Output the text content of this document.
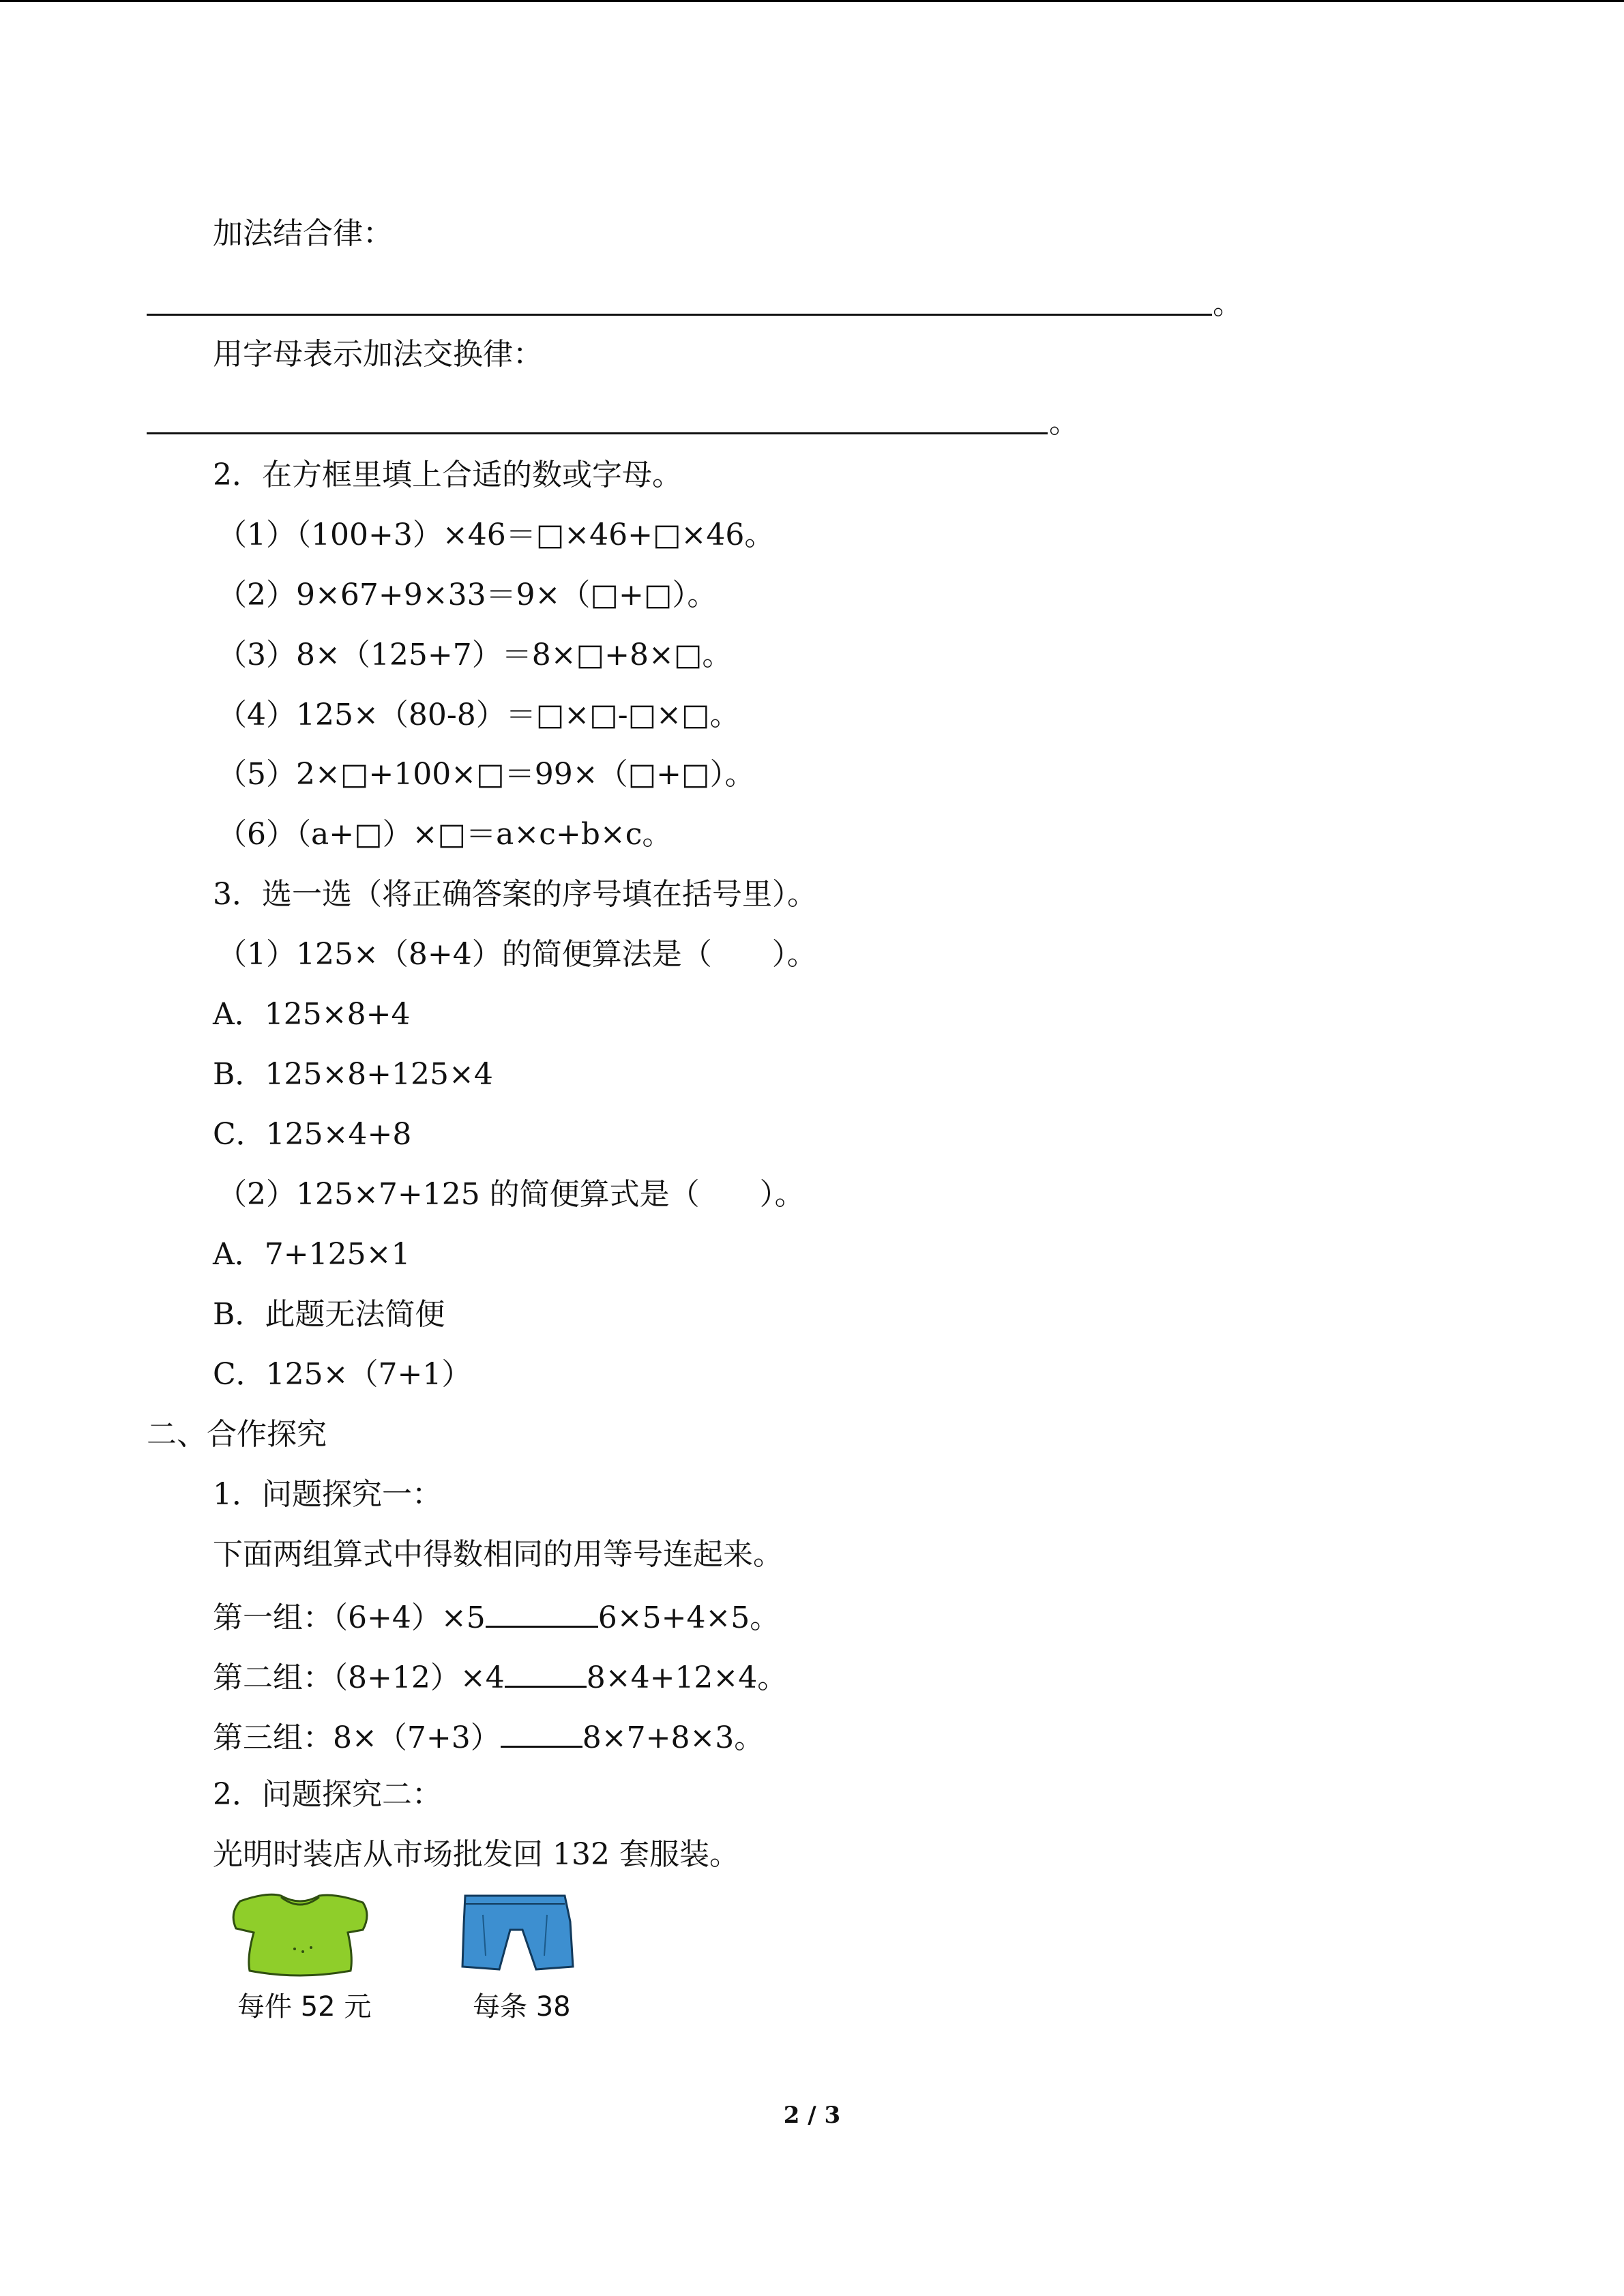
加法结合律：
。
用字母表示加法交换律：
。
2．在方框里填上合适的数或字母。
（1）（100+3）×46＝□×46+□×46。
（2）9×67+9×33＝9×（□+□）。
（3）8×（125+7）＝8×□+8×□。
（4）125×（80-8）＝□×□-□×□。
（5）2×□+100×□＝99×（□+□）。
（6）（a+□）×□＝a×c+b×c。
3．选一选（将正确答案的序号填在括号里）。
（1）125×（8+4）的简便算法是（　　）。
A．125×8+4
B．125×8+125×4
C．125×4+8
（2）125×7+125 的简便算式是（　　）。
A．7+125×1
B．此题无法简便
C．125×（7+1）
二、合作探究
1．问题探究一：
下面两组算式中得数相同的用等号连起来。
第一组：（6+4）×5	6×5+4×5。
第二组：（8+12）×4	8×4+12×4。
第三组：8×（7+3）	8×7+8×3。
2．问题探究二：
光明时装店从市场批发回 132 套服装。
每件 52 元	每条 38
2 / 3
